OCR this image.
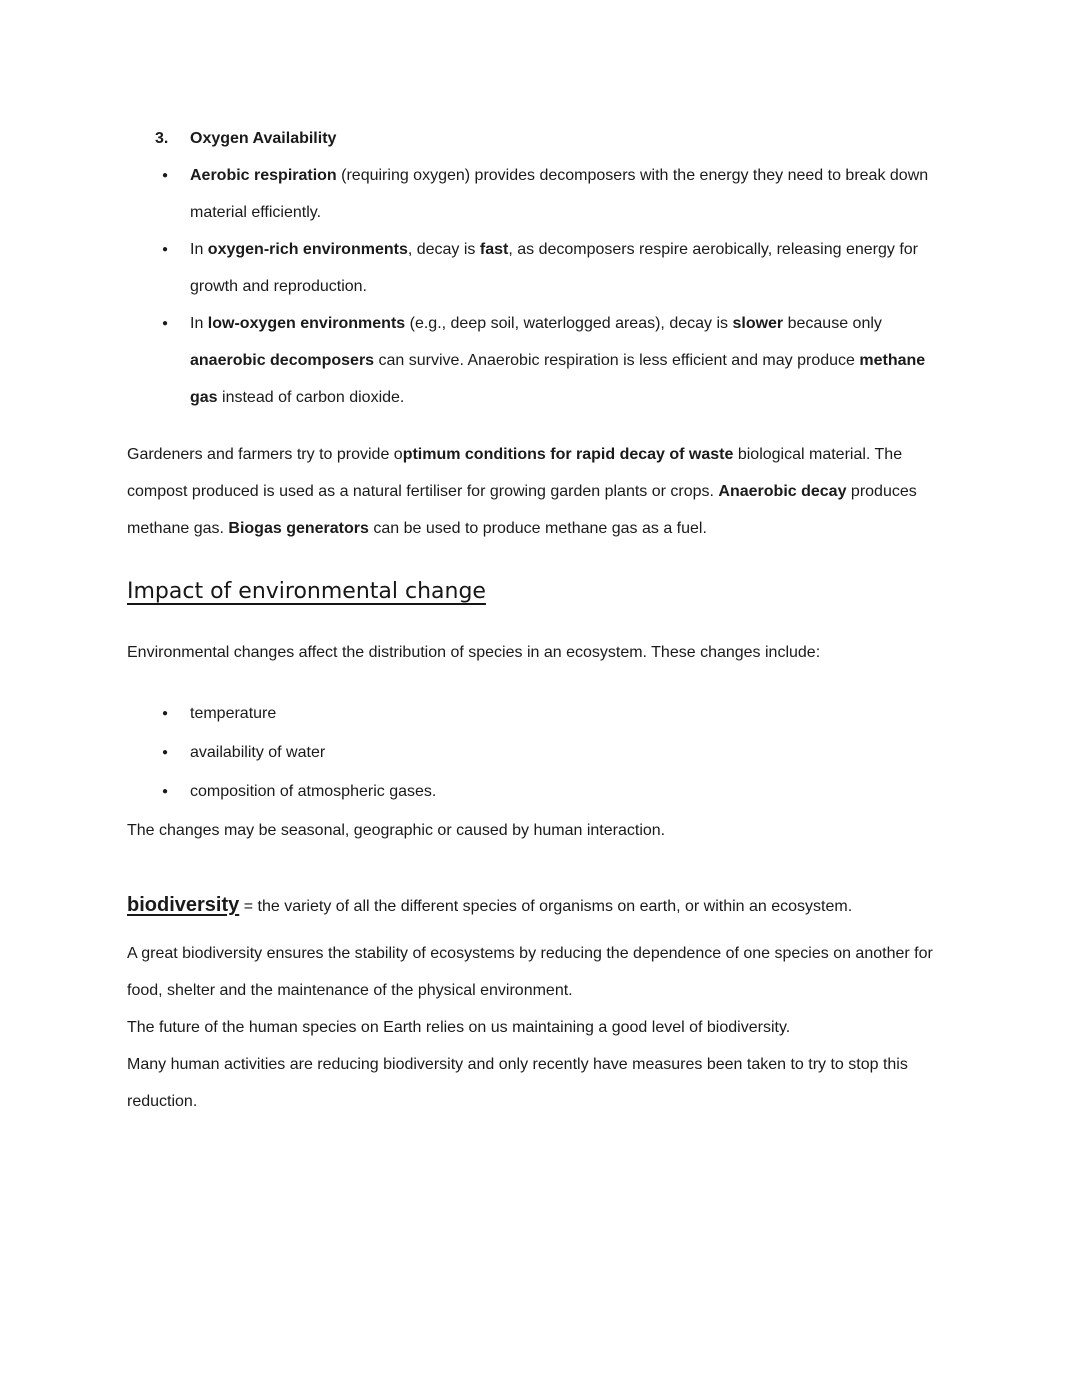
3.	Oxygen Availability
●	Aerobic respiration (requiring oxygen) provides decomposers with the energy they need to break down material efficiently.
●	In oxygen-rich environments, decay is fast, as decomposers respire aerobically, releasing energy for growth and reproduction.
●	In low-oxygen environments (e.g., deep soil, waterlogged areas), decay is slower because only anaerobic decomposers can survive. Anaerobic respiration is less efficient and may produce methane gas instead of carbon dioxide.

Gardeners and farmers try to provide optimum conditions for rapid decay of waste biological material. The compost produced is used as a natural fertiliser for growing garden plants or crops. Anaerobic decay produces methane gas. Biogas generators can be used to produce methane gas as a fuel.

Impact of environmental change

Environmental changes affect the distribution of species in an ecosystem. These changes include:

●	temperature
●	availability of water
●	composition of atmospheric gases.

The changes may be seasonal, geographic or caused by human interaction.

biodiversity = the variety of all the different species of organisms on earth, or within an ecosystem.

A great biodiversity ensures the stability of ecosystems by reducing the dependence of one species on another for food, shelter and the maintenance of the physical environment.

The future of the human species on Earth relies on us maintaining a good level of biodiversity.

Many human activities are reducing biodiversity and only recently have measures been taken to try to stop this reduction.
